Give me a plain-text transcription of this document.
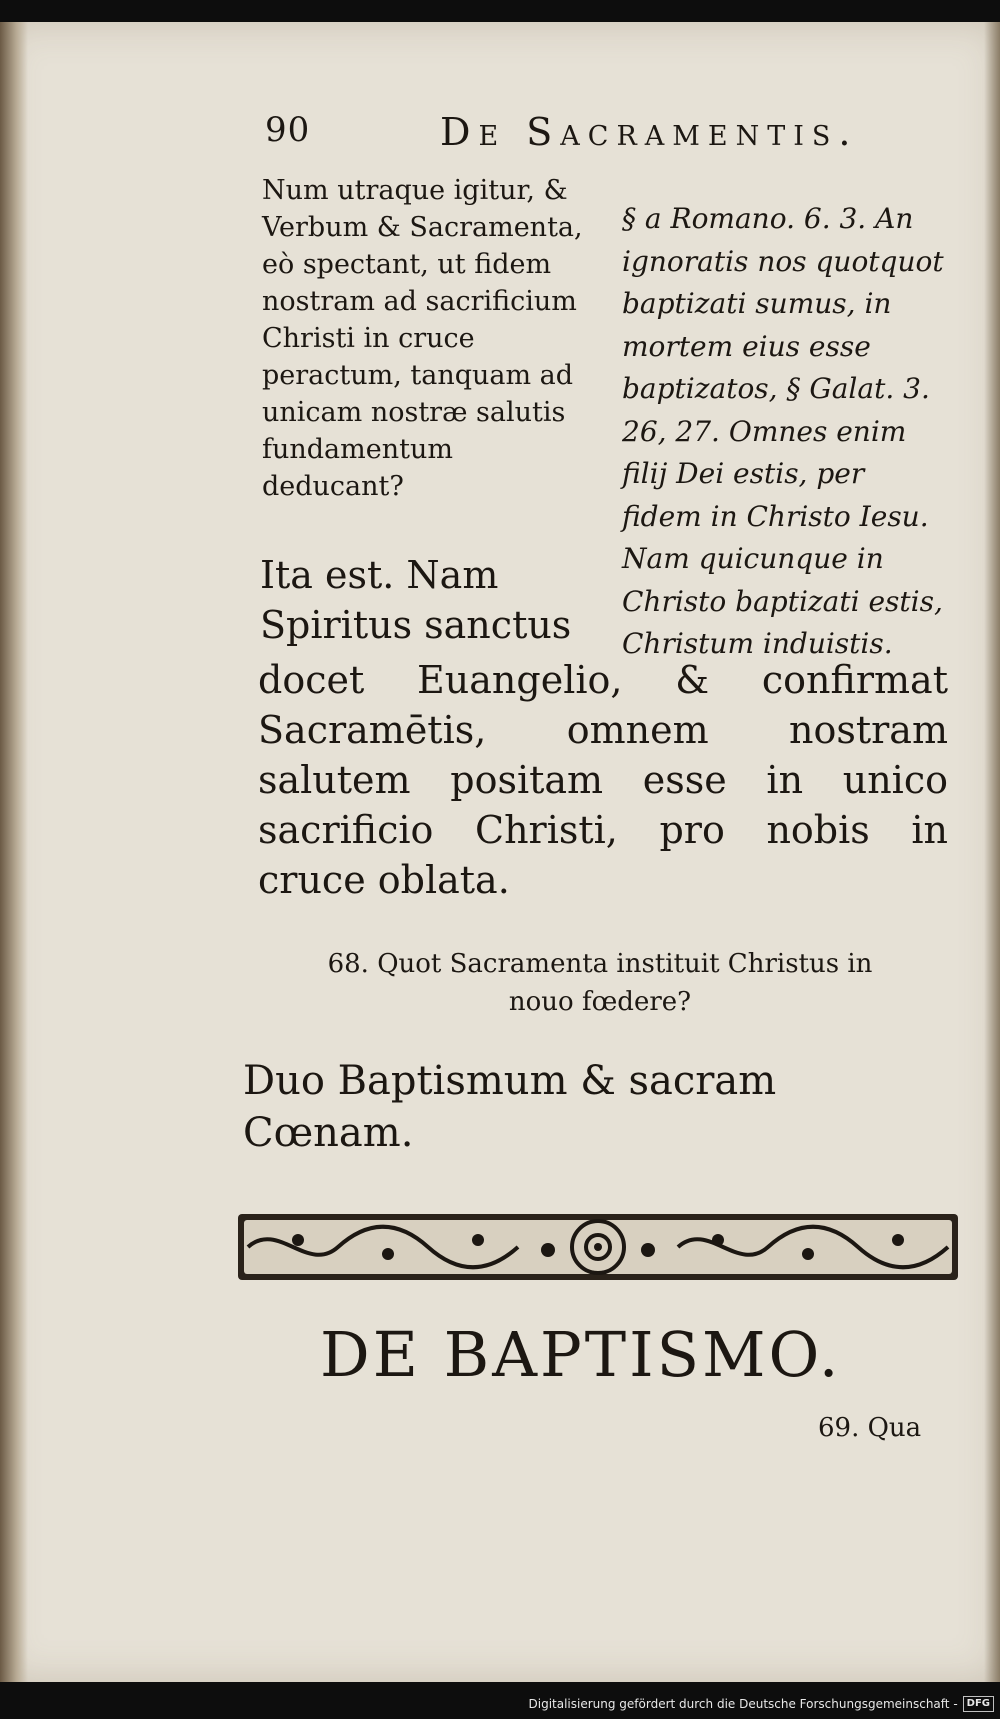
90	De Sacramentis.
Num utraque igitur, & Verbum & Sacramenta, eò spectant, ut fidem nostram ad sacrificium Christi in cruce peractum, tanquam ad unicam nostræ salutis fundamentum deducant?
§ a Romano. 6. 3. An ignoratis nos quotquot baptizati sumus, in mortem eius esse baptizatos, § Galat. 3. 26, 27. Omnes enim filij Dei estis, per fidem in Christo Iesu. Nam quicunque in Christo baptizati estis, Christum induistis.
Ita est. Nam Spiritus sanctus
docet Euangelio, & confirmat Sacramētis, omnem nostram salutem positam esse in unico sacrificio Christi, pro nobis in cruce oblata.
68. Quot Sacramenta instituit Christus in nouo fœdere?
Duo Baptismum & sacram Cœnam.
DE BAPTISMO.
69. Qua
Digitalisierung gefördert durch die Deutsche Forschungsgemeinschaft - DFG
